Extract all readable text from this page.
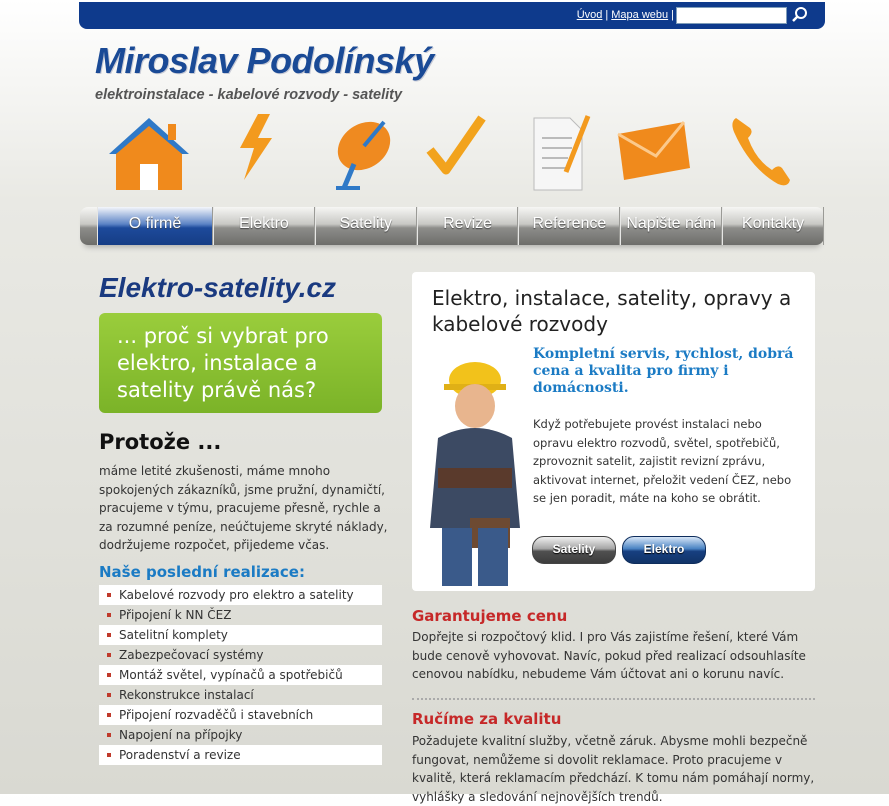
Úvod | Mapa webu |
Miroslav Podolínský
elektroinstalace - kabelové rozvody - satelity
O firmě	Elektro	Satelity	Revize	Reference	Napište nám	Kontakty
Elektro-satelity.cz
... proč si vybrat pro elektro, instalace a satelity právě nás?
Protože ...
máme letité zkušenosti, máme mnoho spokojených zákazníků, jsme pružní, dynamičtí, pracujeme v týmu, pracujeme přesně, rychle a za rozumné peníze, neúčtujeme skryté náklady, dodržujeme rozpočet, přijedeme včas.
Naše poslední realizace:
Kabelové rozvody pro elektro a satelity
Připojení k NN ČEZ
Satelitní komplety
Zabezpečovací systémy
Montáž světel, vypínačů a spotřebičů
Rekonstrukce instalací
Připojení rozvaděčů i stavebních
Napojení na přípojky
Poradenství a revize
Elektro, instalace, satelity, opravy a kabelové rozvody
Kompletní servis, rychlost, dobrá cena a kvalita pro firmy i domácnosti.
Když potřebujete provést instalaci nebo opravu elektro rozvodů, světel, spotřebičů, zprovoznit satelit, zajistit revizní zprávu, aktivovat internet, přeložit vedení ČEZ, nebo se jen poradit, máte na koho se obrátit.
Satelity	Elektro
Garantujeme cenu
Dopřejte si rozpočtový klid. I pro Vás zajistíme řešení, které Vám bude cenově vyhovovat. Navíc, pokud před realizací odsouhlasíte cenovou nabídku, nebudeme Vám účtovat ani o korunu navíc.
Ručíme za kvalitu
Požadujete kvalitní služby, včetně záruk. Abysme mohli bezpečně fungovat, nemůžeme si dovolit reklamace. Proto pracujeme v kvalitě, která reklamacím předchází. K tomu nám pomáhají normy, vyhlášky a sledování nejnovějších trendů.
